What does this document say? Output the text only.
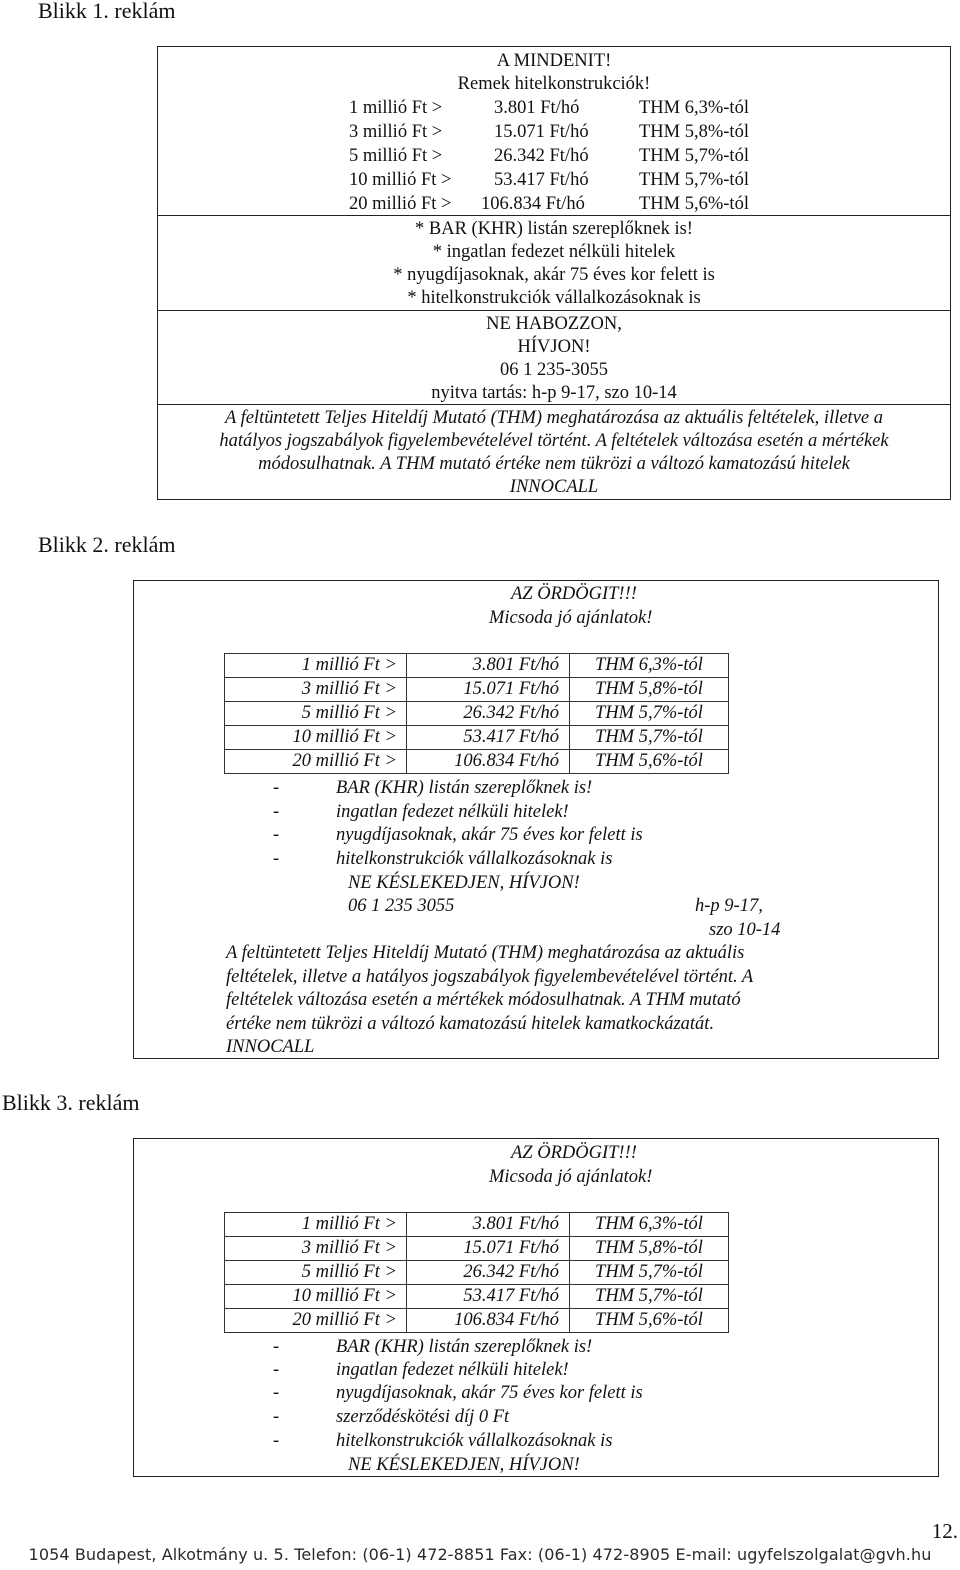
Blikk 1. reklám
A MINDENIT!
Remek hitelkonstrukciók!
1 millió Ft >	3.801 Ft/hó	THM 6,3%-tól
3 millió Ft >	15.071 Ft/hó	THM 5,8%-tól
5 millió Ft >	26.342 Ft/hó	THM 5,7%-tól
10 millió Ft > 53.417 Ft/hó	THM 5,7%-tól
20 millió Ft > 106.834 Ft/hó	THM 5,6%-tól
* BAR (KHR) listán szereplőknek is!
* ingatlan fedezet nélküli hitelek
* nyugdíjasoknak, akár 75 éves kor felett is
* hitelkonstrukciók vállalkozásoknak is
NE HABOZZON,
HÍVJON!
06 1 235-3055
nyitva tartás: h-p 9-17, szo 10-14
A feltüntetett Teljes Hiteldíj Mutató (THM) meghatározása az aktuális feltételek, illetve a
hatályos jogszabályok figyelembevételével történt. A feltételek változása esetén a mértékek
módosulhatnak. A THM mutató értéke nem tükrözi a változó kamatozású hitelek
INNOCALL
Blikk 2. reklám
AZ ÖRDÖGIT!!!
Micsoda jó ajánlatok!
1 millió Ft >	3.801 Ft/hó	THM 6,3%-tól
3 millió Ft >	15.071 Ft/hó	THM 5,8%-tól
5 millió Ft >	26.342 Ft/hó	THM 5,7%-tól
10 millió Ft >	53.417 Ft/hó	THM 5,7%-tól
20 millió Ft >	106.834 Ft/hó	THM 5,6%-tól
-	BAR (KHR) listán szereplőknek is!
-	ingatlan fedezet nélküli hitelek!
-	nyugdíjasoknak, akár 75 éves kor felett is
-	hitelkonstrukciók vállalkozásoknak is
NE KÉSLEKEDJEN, HÍVJON!
06 1 235 3055	h-p 9-17,
szo 10-14
A feltüntetett Teljes Hiteldíj Mutató (THM) meghatározása az aktuális
feltételek, illetve a hatályos jogszabályok figyelembevételével történt. A
feltételek változása esetén a mértékek módosulhatnak. A THM mutató
értéke nem tükrözi a változó kamatozású hitelek kamatkockázatát.
INNOCALL
Blikk 3. reklám
AZ ÖRDÖGIT!!!
Micsoda jó ajánlatok!
1 millió Ft >	3.801 Ft/hó	THM 6,3%-tól
3 millió Ft >	15.071 Ft/hó	THM 5,8%-tól
5 millió Ft >	26.342 Ft/hó	THM 5,7%-tól
10 millió Ft >	53.417 Ft/hó	THM 5,7%-tól
20 millió Ft >	106.834 Ft/hó	THM 5,6%-tól
-	BAR (KHR) listán szereplőknek is!
-	ingatlan fedezet nélküli hitelek!
-	nyugdíjasoknak, akár 75 éves kor felett is
-	szerződéskötési díj 0 Ft
-	hitelkonstrukciók vállalkozásoknak is
NE KÉSLEKEDJEN, HÍVJON!
12.
1054 Budapest, Alkotmány u. 5. Telefon: (06-1) 472-8851 Fax: (06-1) 472-8905 E-mail: ugyfelszolgalat@gvh.hu
